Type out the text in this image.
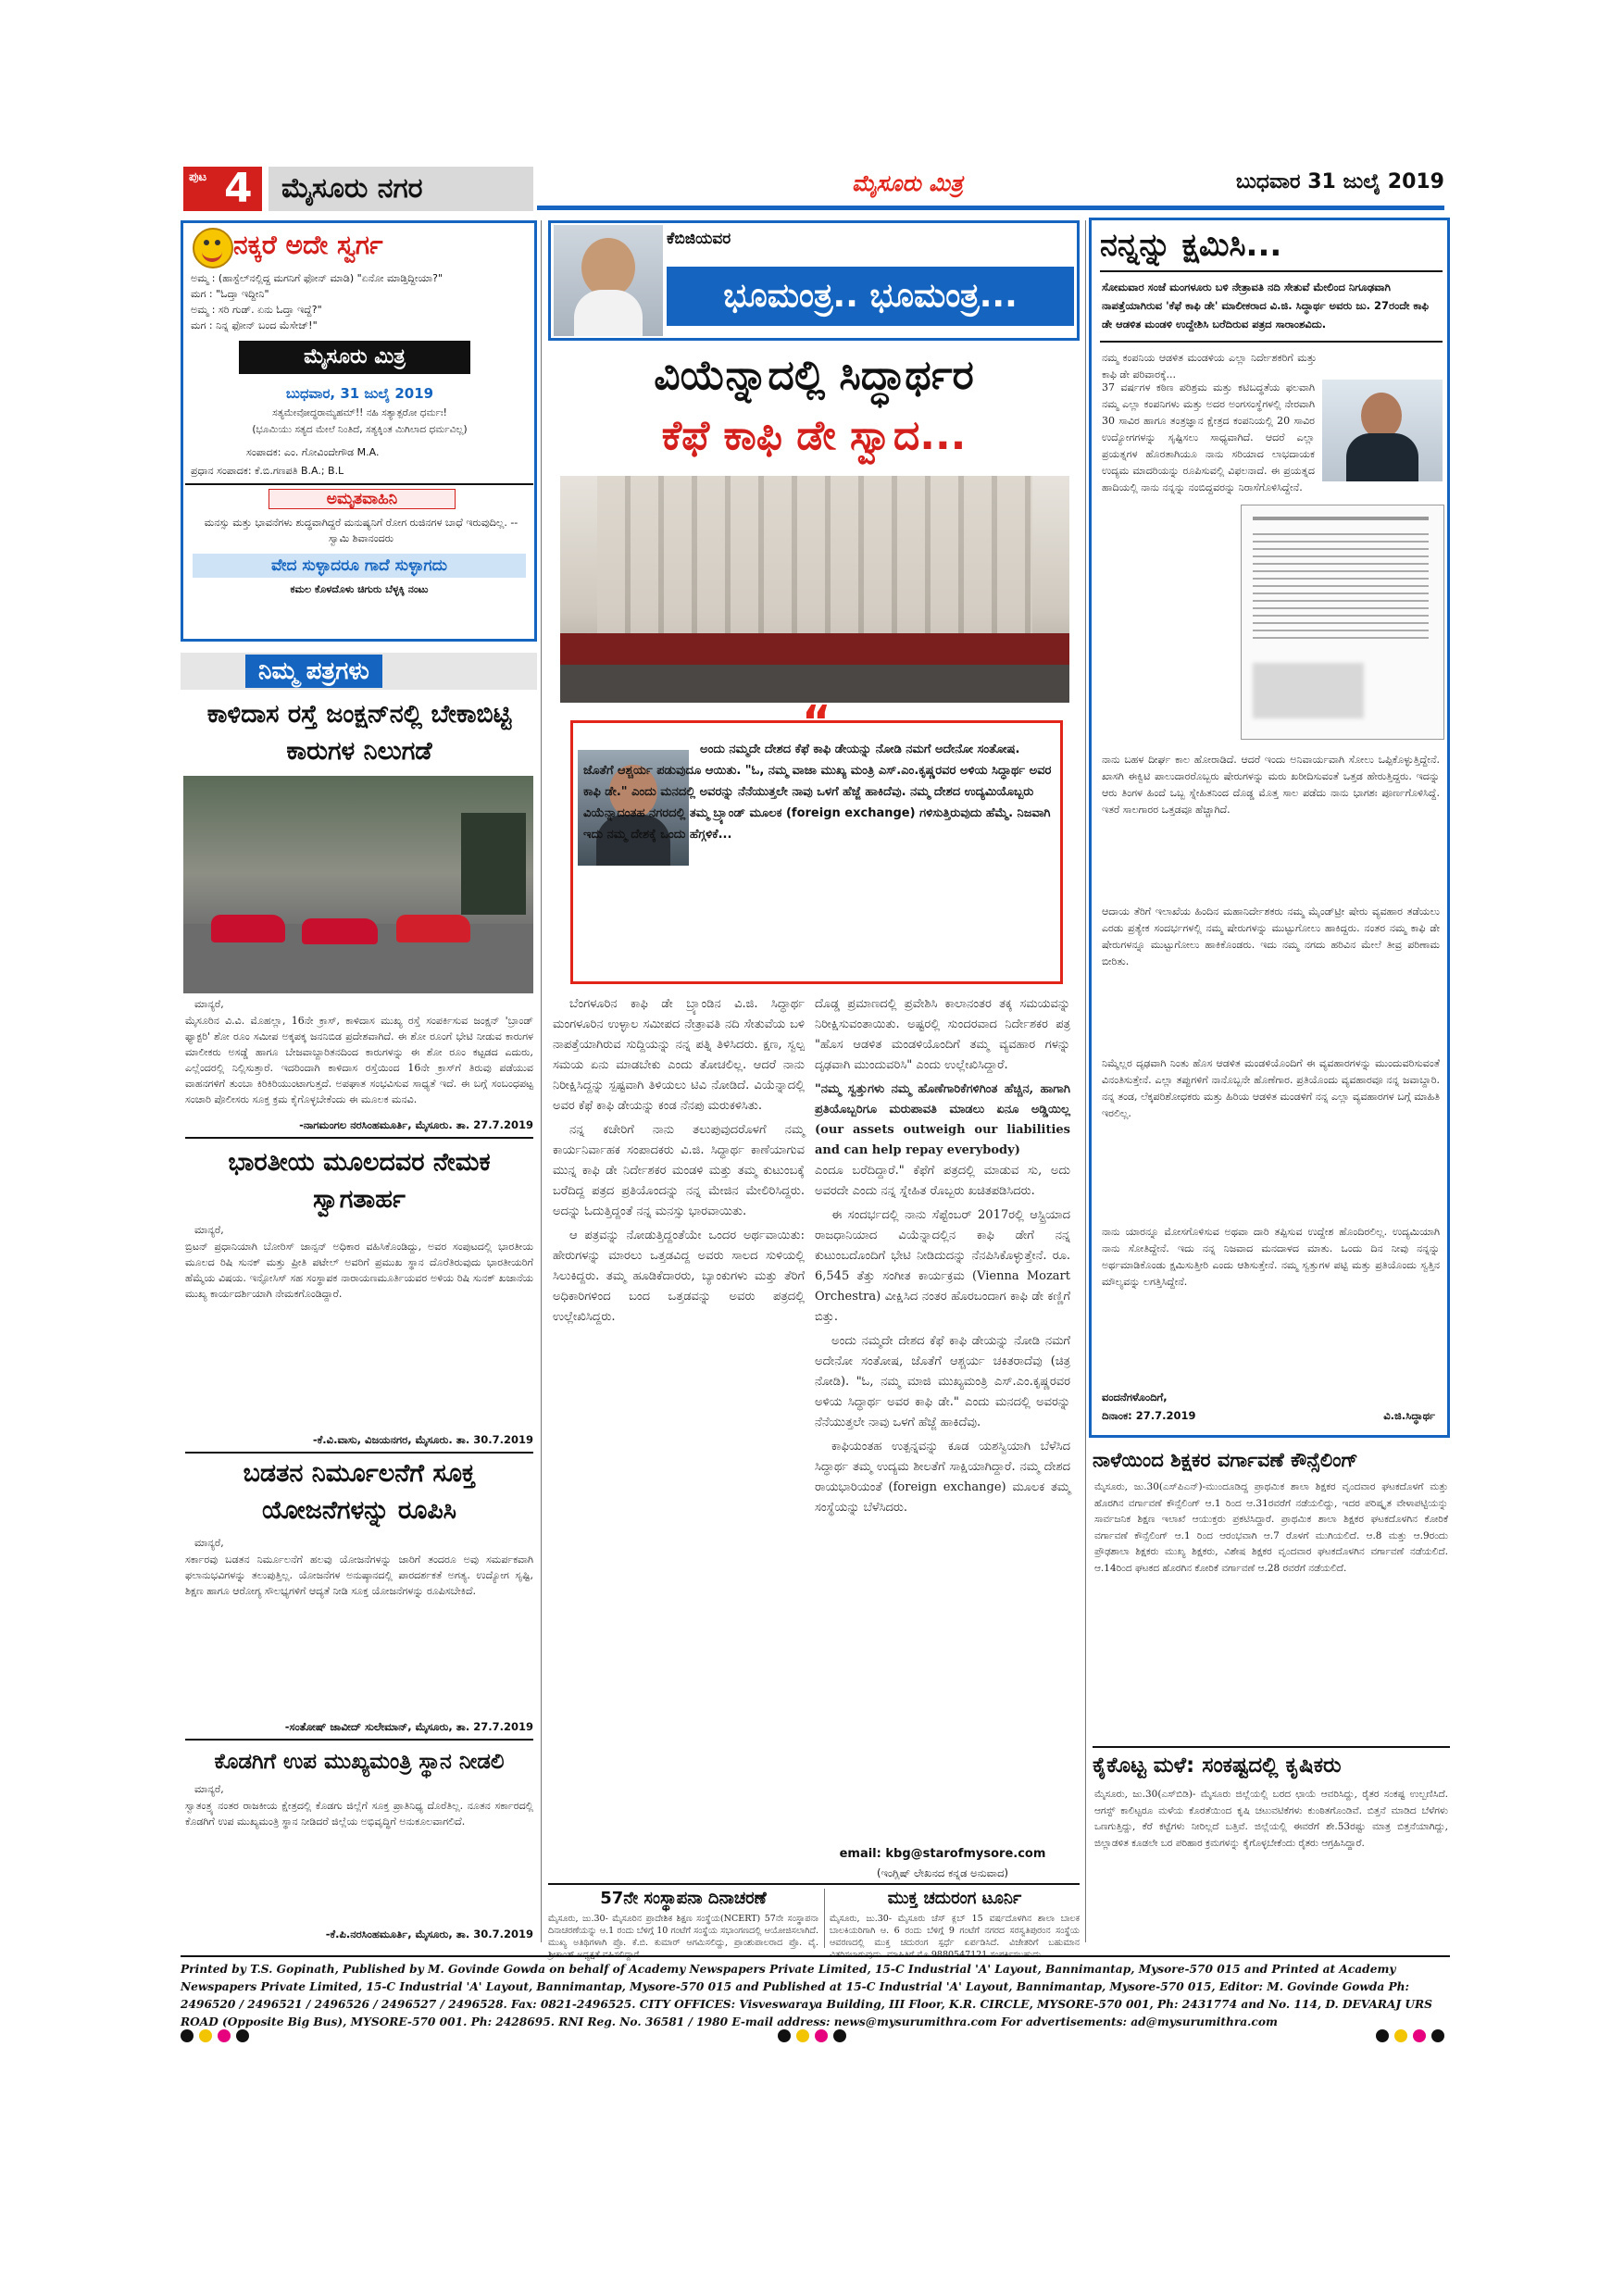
ಪುಟ 4	ಮೈಸೂರು ನಗರ	ಮೈಸೂರು ಮಿತ್ರ	ಬುಧವಾರ 31 ಜುಲೈ 2019
ನಕ್ಕರೆ ಅದೇ ಸ್ವರ್ಗ
ಅಮ್ಮ : (ಹಾಸ್ಟೆಲ್‌ನಲ್ಲಿದ್ದ ಮಗನಿಗೆ ಫೋನ್ ಮಾಡಿ) "ಏನೋ ಮಾಡ್ತಿದ್ದೀಯಾ?"
ಮಗ : "ಓದ್ತಾ ಇದ್ದೀನಿ"
ಅಮ್ಮ : ಸರಿ ಗುಡ್. ಏನು ಓದ್ತಾ ಇದ್ದೆ?"
ಮಗ : ನಿನ್ನ ಫೋನ್ ಬಂದ ಮೆಸೇಜ್!"
ಮೈಸೂರು ಮಿತ್ರ
ಬುಧವಾರ, 31 ಜುಲೈ 2019
ಸತ್ಯಮೇವೋದ್ಧರಾಮ್ಯಹಮ್!! ನಹಿ ಸತ್ಯಾತ್ಪರೋ ಧರ್ಮಃ!
(ಭೂಮಿಯು ಸತ್ಯದ ಮೇಲೆ ನಿಂತಿದೆ, ಸತ್ಯಕ್ಕಿಂತ ಮಿಗಿಲಾದ ಧರ್ಮವಿಲ್ಲ)
ಸಂಪಾದಕ: ಎಂ. ಗೋವಿಂದೇಗೌಡ M.A.
ಪ್ರಧಾನ ಸಂಪಾದಕ: ಕೆ.ಬಿ.ಗಣಪತಿ B.A.; B.L
ಅಮೃತವಾಹಿನಿ
ಮನಸ್ಸು ಮತ್ತು ಭಾವನೆಗಳು ಶುದ್ಧವಾಗಿದ್ದರೆ ಮನುಷ್ಯನಿಗೆ ರೋಗ ರುಜಿನಗಳ ಬಾಧೆ ಇರುವುದಿಲ್ಲ. --ಸ್ವಾಮಿ ಶಿವಾನಂದರು
ವೇದ ಸುಳ್ಳಾದರೂ ಗಾದೆ ಸುಳ್ಳಾಗದು
ಕಮಲ ಕೊಳದೊಳು ಚಿಗುರು ಬೆಳ್ಳಕ್ಕಿ ನಂಟು
ನಿಮ್ಮ ಪತ್ರಗಳು
ಕಾಳಿದಾಸ ರಸ್ತೆ ಜಂಕ್ಷನ್‌ನಲ್ಲಿ ಬೇಕಾಬಿಟ್ಟಿ ಕಾರುಗಳ ನಿಲುಗಡೆ
ಮಾನ್ಯರೆ,
ಮೈಸೂರಿನ ವಿ.ವಿ. ಮೊಹಲ್ಲಾ, 16ನೇ ಕ್ರಾಸ್, ಕಾಳಿದಾಸ ಮುಖ್ಯ ರಸ್ತೆ ಸಂಪರ್ಕಿಸುವ ಜಂಕ್ಷನ್ 'ಬ್ರಾಂಡ್ ಫ್ಯಾಕ್ಟರಿ' ಶೋ ರೂಂ ಸಮೀಪ ಅಕ್ಕಪಕ್ಕ ಜನನಿಬಿಡ ಪ್ರದೇಶವಾಗಿದೆ. ಈ ಶೋ ರೂಂಗೆ ಭೇಟಿ ನೀಡುವ ಕಾರುಗಳ ಮಾಲೀಕರು ಅಸಡ್ಡೆ ಹಾಗೂ ಬೇಜವಾಬ್ದಾರಿತನದಿಂದ ಕಾರುಗಳನ್ನು ಈ ಶೋ ರೂಂ ಕಟ್ಟಡದ ಎದುರು, ಎಲ್ಲೆಂದರಲ್ಲಿ ನಿಲ್ಲಿಸುತ್ತಾರೆ. ಇದರಿಂದಾಗಿ ಕಾಳಿದಾಸ ರಸ್ತೆಯಿಂದ 16ನೇ ಕ್ರಾಸ್‌ಗೆ ತಿರುವು ಪಡೆಯುವ ವಾಹನಗಳಿಗೆ ತುಂಬಾ ಕಿರಿಕಿರಿಯುಂಟಾಗುತ್ತದೆ. ಅಪಘಾತ ಸಂಭವಿಸುವ ಸಾಧ್ಯತೆ ಇದೆ. ಈ ಬಗ್ಗೆ ಸಂಬಂಧಪಟ್ಟ ಸಂಚಾರಿ ಪೊಲೀಸರು ಸೂಕ್ತ ಕ್ರಮ ಕೈಗೊಳ್ಳಬೇಕೆಂದು ಈ ಮೂಲಕ ಮನವಿ.
-ನಾಗಮಂಗಲ ನರಸಿಂಹಮೂರ್ತಿ, ಮೈಸೂರು. ತಾ. 27.7.2019
ಭಾರತೀಯ ಮೂಲದವರ ನೇಮಕ ಸ್ವಾಗತಾರ್ಹ
ಮಾನ್ಯರೆ,
ಬ್ರಿಟನ್ ಪ್ರಧಾನಿಯಾಗಿ ಬೋರಿಸ್ ಜಾನ್ಸನ್ ಅಧಿಕಾರ ವಹಿಸಿಕೊಂಡಿದ್ದು, ಅವರ ಸಂಪುಟದಲ್ಲಿ ಭಾರತೀಯ ಮೂಲದ ರಿಷಿ ಸುನಕ್ ಮತ್ತು ಪ್ರೀತಿ ಪಟೇಲ್ ಅವರಿಗೆ ಪ್ರಮುಖ ಸ್ಥಾನ ದೊರೆತಿರುವುದು ಭಾರತೀಯರಿಗೆ ಹೆಮ್ಮೆಯ ವಿಷಯ. ಇನ್ಫೋಸಿಸ್ ಸಹ ಸಂಸ್ಥಾಪಕ ನಾರಾಯಣಮೂರ್ತಿಯವರ ಅಳಿಯ ರಿಷಿ ಸುನಕ್ ಖಜಾನೆಯ ಮುಖ್ಯ ಕಾರ್ಯದರ್ಶಿಯಾಗಿ ನೇಮಕಗೊಂಡಿದ್ದಾರೆ.
-ಕೆ.ವಿ.ವಾಸು, ವಿಜಯನಗರ, ಮೈಸೂರು. ತಾ. 30.7.2019
ಬಡತನ ನಿರ್ಮೂಲನೆಗೆ ಸೂಕ್ತ ಯೋಜನೆಗಳನ್ನು ರೂಪಿಸಿ
ಮಾನ್ಯರೆ,
ಸರ್ಕಾರವು ಬಡತನ ನಿರ್ಮೂಲನೆಗೆ ಹಲವು ಯೋಜನೆಗಳನ್ನು ಜಾರಿಗೆ ತಂದರೂ ಅವು ಸಮರ್ಪಕವಾಗಿ ಫಲಾನುಭವಿಗಳನ್ನು ತಲುಪುತ್ತಿಲ್ಲ. ಯೋಜನೆಗಳ ಅನುಷ್ಠಾನದಲ್ಲಿ ಪಾರದರ್ಶಕತೆ ಅಗತ್ಯ. ಉದ್ಯೋಗ ಸೃಷ್ಟಿ, ಶಿಕ್ಷಣ ಹಾಗೂ ಆರೋಗ್ಯ ಸೌಲಭ್ಯಗಳಿಗೆ ಆದ್ಯತೆ ನೀಡಿ ಸೂಕ್ತ ಯೋಜನೆಗಳನ್ನು ರೂಪಿಸಬೇಕಿದೆ.
-ಸಂತೋಷ್ ಜಾವೀದ್ ಸುಲೇಮಾನ್, ಮೈಸೂರು, ತಾ. 27.7.2019
ಕೊಡಗಿಗೆ ಉಪ ಮುಖ್ಯಮಂತ್ರಿ ಸ್ಥಾನ ನೀಡಲಿ
ಮಾನ್ಯರೆ,
ಸ್ವಾತಂತ್ರ್ಯ ನಂತರ ರಾಜಕೀಯ ಕ್ಷೇತ್ರದಲ್ಲಿ ಕೊಡಗು ಜಿಲ್ಲೆಗೆ ಸೂಕ್ತ ಪ್ರಾತಿನಿಧ್ಯ ದೊರೆತಿಲ್ಲ. ನೂತನ ಸರ್ಕಾರದಲ್ಲಿ ಕೊಡಗಿಗೆ ಉಪ ಮುಖ್ಯಮಂತ್ರಿ ಸ್ಥಾನ ನೀಡಿದರೆ ಜಿಲ್ಲೆಯ ಅಭಿವೃದ್ಧಿಗೆ ಅನುಕೂಲವಾಗಲಿದೆ.
-ಕೆ.ಪಿ.ನರಸಿಂಹಮೂರ್ತಿ, ಮೈಸೂರು, ತಾ. 30.7.2019
ಕೆಬಿಜಿಯವರ
ಭೂಮಂತ್ರ.. ಭೂಮಂತ್ರ...
ವಿಯೆನ್ನಾದಲ್ಲಿ ಸಿದ್ಧಾರ್ಥರ
ಕೆಫೆ ಕಾಫಿ ಡೇ ಸ್ವಾದ...
“
ಅಂದು ನಮ್ಮದೇ ದೇಶದ ಕೆಫೆ ಕಾಫಿ ಡೇಯನ್ನು ನೋಡಿ ನಮಗೆ ಅದೇನೋ ಸಂತೋಷ. ಜೊತೆಗೆ ಆಶ್ಚರ್ಯ ಪಡುವುದೂ ಆಯಿತು. "ಓ, ನಮ್ಮ ವಾಜಾ ಮುಖ್ಯ ಮಂತ್ರಿ ಎಸ್.ಎಂ.ಕೃಷ್ಣರವರ ಅಳಿಯ ಸಿದ್ಧಾರ್ಥ ಅವರ ಕಾಫಿ ಡೇ." ಎಂದು ಮನದಲ್ಲಿ ಅವರನ್ನು ನೆನೆಯುತ್ತಲೇ ನಾವು ಒಳಗೆ ಹೆಜ್ಜೆ ಹಾಕಿದೆವು. ನಮ್ಮ ದೇಶದ ಉದ್ಯಮಿಯೊಬ್ಬರು ವಿಯೆನ್ನಾದಂತಹ ನಗರದಲ್ಲಿ ತಮ್ಮ ಬ್ರ್ಯಾಂಡ್ ಮೂಲಕ (foreign exchange) ಗಳಿಸುತ್ತಿರುವುದು ಹೆಮ್ಮೆ. ನಿಜವಾಗಿ ಇದು ನಮ್ಮ ದೇಶಕ್ಕೆ ಒಂದು ಹೆಗ್ಗಳಿಕೆ...
ಬೆಂಗಳೂರಿನ ಕಾಫಿ ಡೇ ಬ್ರ್ಯಾಂಡಿನ ವಿ.ಜಿ. ಸಿದ್ಧಾರ್ಥ ಮಂಗಳೂರಿನ ಉಳ್ಳಾಲ ಸಮೀಪದ ನೇತ್ರಾವತಿ ನದಿ ಸೇತುವೆಯ ಬಳಿ ನಾಪತ್ತೆಯಾಗಿರುವ ಸುದ್ದಿಯನ್ನು ನನ್ನ ಪತ್ನಿ ತಿಳಿಸಿದರು. ಕ್ಷಣ, ಸ್ವಲ್ಪ ಸಮಯ ಏನು ಮಾಡಬೇಕು ಎಂದು ತೋಚಲಿಲ್ಲ. ಆದರೆ ನಾನು ನಿರೀಕ್ಷಿಸಿದ್ದನ್ನು ಸ್ಪಷ್ಟವಾಗಿ ತಿಳಿಯಲು ಟಿವಿ ನೋಡಿದೆ. ವಿಯೆನ್ನಾದಲ್ಲಿ ಅವರ ಕೆಫೆ ಕಾಫಿ ಡೇಯನ್ನು ಕಂಡ ನೆನಪು ಮರುಕಳಿಸಿತು.
ನನ್ನ ಕಚೇರಿಗೆ ನಾನು ತಲುಪುವುದರೊಳಗೆ ನಮ್ಮ ಕಾರ್ಯನಿರ್ವಾಹಕ ಸಂಪಾದಕರು ವಿ.ಜಿ. ಸಿದ್ಧಾರ್ಥ ಕಾಣೆಯಾಗುವ ಮುನ್ನ ಕಾಫಿ ಡೇ ನಿರ್ದೇಶಕರ ಮಂಡಳಿ ಮತ್ತು ತಮ್ಮ ಕುಟುಂಬಕ್ಕೆ ಬರೆದಿದ್ದ ಪತ್ರದ ಪ್ರತಿಯೊಂದನ್ನು ನನ್ನ ಮೇಜಿನ ಮೇಲಿರಿಸಿದ್ದರು. ಅದನ್ನು ಓದುತ್ತಿದ್ದಂತೆ ನನ್ನ ಮನಸ್ಸು ಭಾರವಾಯಿತು.
ಆ ಪತ್ರವನ್ನು ನೋಡುತ್ತಿದ್ದಂತೆಯೇ ಒಂದರ ಅರ್ಥವಾಯಿತು: ಹೇರುಗಳನ್ನು ಮಾರಲು ಒತ್ತಡವಿದ್ದ ಅವರು ಸಾಲದ ಸುಳಿಯಲ್ಲಿ ಸಿಲುಕಿದ್ದರು. ತಮ್ಮ ಹೂಡಿಕೆದಾರರು, ಬ್ಯಾಂಕುಗಳು ಮತ್ತು ತೆರಿಗೆ ಅಧಿಕಾರಿಗಳಿಂದ ಬಂದ ಒತ್ತಡವನ್ನು ಅವರು ಪತ್ರದಲ್ಲಿ ಉಲ್ಲೇಖಿಸಿದ್ದರು.
ದೊಡ್ಡ ಪ್ರಮಾಣದಲ್ಲಿ ಪ್ರವೇಶಿಸಿ ಕಾಲಾನಂತರ ತಕ್ಕ ಸಮಯವನ್ನು ನಿರೀಕ್ಷಿಸುವಂತಾಯಿತು. ಅಷ್ಟರಲ್ಲಿ ಸುಂದರವಾದ ನಿರ್ದೇಶಕರ ಪತ್ರ "ಹೊಸ ಆಡಳಿತ ಮಂಡಳಿಯೊಂದಿಗೆ ತಮ್ಮ ವ್ಯವಹಾರ ಗಳನ್ನು ದೃಢವಾಗಿ ಮುಂದುವರಿಸಿ" ಎಂದು ಉಲ್ಲೇಖಿಸಿದ್ದಾರೆ.
"ನಮ್ಮ ಸ್ವತ್ತುಗಳು ನಮ್ಮ ಹೊಣೆಗಾರಿಕೆಗಳಿಗಿಂತ ಹೆಚ್ಚಿನ, ಹಾಗಾಗಿ ಪ್ರತಿಯೊಬ್ಬರಿಗೂ ಮರುಪಾವತಿ ಮಾಡಲು ಏನೂ ಅಡ್ಡಿಯಿಲ್ಲ (our assets outweigh our liabilities and can help repay everybody)
ಎಂದೂ ಬರೆದಿದ್ದಾರೆ." ಕೆಫೆಗೆ ಪತ್ರದಲ್ಲಿ ಮಾಡುವ ಸು, ಅದು ಅವರದೇ ಎಂದು ನನ್ನ ಸ್ನೇಹಿತ ರೊಬ್ಬರು ಖಚಿತಪಡಿಸಿದರು.
ಈ ಸಂದರ್ಭದಲ್ಲಿ ನಾನು ಸೆಪ್ಟೆಂಬರ್ 2017ರಲ್ಲಿ ಆಸ್ಟ್ರಿಯಾದ ರಾಜಧಾನಿಯಾದ ವಿಯೆನ್ನಾದಲ್ಲಿನ ಕಾಫಿ ಡೇಗೆ ನನ್ನ ಕುಟುಂಬದೊಂದಿಗೆ ಭೇಟಿ ನೀಡಿದುದನ್ನು ನೆನಪಿಸಿಕೊಳ್ಳುತ್ತೇನೆ. ರೂ. 6,545 ತೆತ್ತು ಸಂಗೀತ ಕಾರ್ಯಕ್ರಮ (Vienna Mozart Orchestra) ವೀಕ್ಷಿಸಿದ ನಂತರ ಹೊರಬಂದಾಗ ಕಾಫಿ ಡೇ ಕಣ್ಣಿಗೆ ಬಿತ್ತು.
ಅಂದು ನಮ್ಮದೇ ದೇಶದ ಕೆಫೆ ಕಾಫಿ ಡೇಯನ್ನು ನೋಡಿ ನಮಗೆ ಅದೇನೋ ಸಂತೋಷ, ಜೊತೆಗೆ ಆಶ್ಚರ್ಯ ಚಕಿತರಾದೆವು (ಚಿತ್ರ ನೋಡಿ). "ಓ, ನಮ್ಮ ಮಾಜಿ ಮುಖ್ಯಮಂತ್ರಿ ಎಸ್.ಎಂ.ಕೃಷ್ಣರವರ ಅಳಿಯ ಸಿದ್ಧಾರ್ಥ ಅವರ ಕಾಫಿ ಡೇ." ಎಂದು ಮನದಲ್ಲಿ ಅವರನ್ನು ನೆನೆಯುತ್ತಲೇ ನಾವು ಒಳಗೆ ಹೆಜ್ಜೆ ಹಾಕಿದೆವು.
ಕಾಫಿಯಂತಹ ಉತ್ಪನ್ನವನ್ನು ಕೂಡ ಯಶಸ್ವಿಯಾಗಿ ಬೆಳೆಸಿದ ಸಿದ್ಧಾರ್ಥ ತಮ್ಮ ಉದ್ಯಮ ಶೀಲತೆಗೆ ಸಾಕ್ಷಿಯಾಗಿದ್ದಾರೆ. ನಮ್ಮ ದೇಶದ ರಾಯಭಾರಿಯಂತೆ (foreign exchange) ಮೂಲಕ ತಮ್ಮ ಸಂಸ್ಥೆಯನ್ನು ಬೆಳೆಸಿದರು.
email: kbg@starofmysore.com
(ಇಂಗ್ಲಿಷ್ ಲೇಖನದ ಕನ್ನಡ ಅನುವಾದ)
57ನೇ ಸಂಸ್ಥಾಪನಾ ದಿನಾಚರಣೆ
ಮೈಸೂರು, ಜು.30- ಮೈಸೂರಿನ ಪ್ರಾದೇಶಿಕ ಶಿಕ್ಷಣ ಸಂಸ್ಥೆಯ(NCERT) 57ನೇ ಸಂಸ್ಥಾಪನಾ ದಿನಾಚರಣೆಯನ್ನು ಆ.1 ರಂದು ಬೆಳಿಗ್ಗೆ 10 ಗಂಟೆಗೆ ಸಂಸ್ಥೆಯ ಸಭಾಂಗಣದಲ್ಲಿ ಆಯೋಜಿಸಲಾಗಿದೆ. ಮುಖ್ಯ ಅತಿಥಿಗಳಾಗಿ ಪ್ರೊ. ಕೆ.ಬಿ. ಕುಮಾರ್ ಆಗಮಿಸಲಿದ್ದು, ಪ್ರಾಂಶುಪಾಲರಾದ ಪ್ರೊ. ವೈ.
ಮುಕ್ತ ಚದುರಂಗ ಟೂರ್ನಿ
ಮೈಸೂರು, ಜು.30- ಮೈಸೂರು ಚೆಸ್ ಕ್ಲಬ್ 15 ವರ್ಷದೊಳಗಿನ ಶಾಲಾ ಬಾಲಕ ಬಾಲಕಿಯರಿಗಾಗಿ ಆ. 6 ರಂದು ಬೆಳಿಗ್ಗೆ 9 ಗಂಟೆಗೆ ನಗರದ ಸರಸ್ವತಿಪುರಂನ ಸಂಸ್ಥೆಯ ಆವರಣದಲ್ಲಿ ಮುಕ್ತ ಚದುರಂಗ ಸ್ಪರ್ಧೆ ಏರ್ಪಡಿಸಿದೆ. ವಿಜೇತರಿಗೆ ಬಹುಮಾನ
ನನ್ನನ್ನು ಕ್ಷಮಿಸಿ...
ಸೋಮವಾರ ಸಂಜೆ ಮಂಗಳೂರು ಬಳಿ ನೇತ್ರಾವತಿ ನದಿ ಸೇತುವೆ ಮೇಲಿಂದ ನಿಗೂಢವಾಗಿ ನಾಪತ್ತೆಯಾಗಿರುವ 'ಕೆಫೆ ಕಾಫಿ ಡೇ' ಮಾಲೀಕರಾದ ವಿ.ಜಿ. ಸಿದ್ಧಾರ್ಥ ಅವರು ಜು. 27ರಂದೇ ಕಾಫಿ ಡೇ ಆಡಳಿತ ಮಂಡಳಿ ಉದ್ದೇಶಿಸಿ ಬರೆದಿರುವ ಪತ್ರದ ಸಾರಾಂಶವಿದು.
ನಮ್ಮ ಕಂಪನಿಯ ಆಡಳಿತ ಮಂಡಳಿಯ ಎಲ್ಲಾ ನಿರ್ದೇಶಕರಿಗೆ ಮತ್ತು ಕಾಫಿ ಡೇ ಪರಿವಾರಕ್ಕೆ...
37 ವರ್ಷಗಳ ಕಠಿಣ ಪರಿಶ್ರಮ ಮತ್ತು ಕಟಿಬದ್ಧತೆಯ ಫಲವಾಗಿ ನಮ್ಮ ಎಲ್ಲಾ ಕಂಪನಿಗಳು ಮತ್ತು ಅದರ ಅಂಗಸಂಸ್ಥೆಗಳಲ್ಲಿ ನೇರವಾಗಿ 30 ಸಾವಿರ ಹಾಗೂ ತಂತ್ರಜ್ಞಾನ ಕ್ಷೇತ್ರದ ಕಂಪನಿಯಲ್ಲಿ 20 ಸಾವಿರ ಉದ್ಯೋಗಗಳನ್ನು ಸೃಷ್ಟಿಸಲು ಸಾಧ್ಯವಾಗಿದೆ. ಆದರೆ ಎಲ್ಲಾ ಪ್ರಯತ್ನಗಳ ಹೊರತಾಗಿಯೂ ನಾನು ಸರಿಯಾದ ಲಾಭದಾಯಕ ಉದ್ಯಮ ಮಾದರಿಯನ್ನು ರೂಪಿಸುವಲ್ಲಿ ವಿಫಲನಾದೆ. ಈ ಪ್ರಯತ್ನದ ಹಾದಿಯಲ್ಲಿ ನಾನು ನನ್ನನ್ನು ನಂಬಿದ್ದವರನ್ನು ನಿರಾಸೆಗೊಳಿಸಿದ್ದೇನೆ.
ನಾನು ಬಹಳ ದೀರ್ಘ ಕಾಲ ಹೋರಾಡಿದೆ. ಆದರೆ ಇಂದು ಅನಿವಾರ್ಯವಾಗಿ ಸೋಲು ಒಪ್ಪಿಕೊಳ್ಳುತ್ತಿದ್ದೇನೆ. ಖಾಸಗಿ ಈಕ್ವಿಟಿ ಪಾಲುದಾರರೊಬ್ಬರು ಷೇರುಗಳನ್ನು ಮರು ಖರೀದಿಸುವಂತೆ ಒತ್ತಡ ಹೇರುತ್ತಿದ್ದರು. ಇದನ್ನು ಆರು ತಿಂಗಳ ಹಿಂದೆ ಒಬ್ಬ ಸ್ನೇಹಿತನಿಂದ ದೊಡ್ಡ ಮೊತ್ತ ಸಾಲ ಪಡೆದು ನಾನು ಭಾಗಶಃ ಪೂರ್ಣಗೊಳಿಸಿದ್ದೆ. ಇತರೆ ಸಾಲಗಾರರ ಒತ್ತಡವೂ ಹೆಚ್ಚಾಗಿದೆ.
ಆದಾಯ ತೆರಿಗೆ ಇಲಾಖೆಯ ಹಿಂದಿನ ಮಹಾನಿರ್ದೇಶಕರು ನಮ್ಮ ಮೈಂಡ್‌ಟ್ರೀ ಷೇರು ವ್ಯವಹಾರ ತಡೆಯಲು ಎರಡು ಪ್ರತ್ಯೇಕ ಸಂದರ್ಭಗಳಲ್ಲಿ ನಮ್ಮ ಷೇರುಗಳನ್ನು ಮುಟ್ಟುಗೋಲು ಹಾಕಿದ್ದರು. ನಂತರ ನಮ್ಮ ಕಾಫಿ ಡೇ ಷೇರುಗಳನ್ನೂ ಮುಟ್ಟುಗೋಲು ಹಾಕಿಕೊಂಡರು. ಇದು ನಮ್ಮ ನಗದು ಹರಿವಿನ ಮೇಲೆ ತೀವ್ರ ಪರಿಣಾಮ ಬೀರಿತು.
ನಿಮ್ಮೆಲ್ಲರ ದೃಢವಾಗಿ ನಿಂತು ಹೊಸ ಆಡಳಿತ ಮಂಡಳಿಯೊಂದಿಗೆ ಈ ವ್ಯವಹಾರಗಳನ್ನು ಮುಂದುವರಿಸುವಂತೆ ವಿನಂತಿಸುತ್ತೇನೆ. ಎಲ್ಲಾ ತಪ್ಪುಗಳಿಗೆ ನಾನೊಬ್ಬನೇ ಹೊಣೆಗಾರ. ಪ್ರತಿಯೊಂದು ವ್ಯವಹಾರವೂ ನನ್ನ ಜವಾಬ್ದಾರಿ. ನನ್ನ ತಂಡ, ಲೆಕ್ಕಪರಿಶೋಧಕರು ಮತ್ತು ಹಿರಿಯ ಆಡಳಿತ ಮಂಡಳಿಗೆ ನನ್ನ ಎಲ್ಲಾ ವ್ಯವಹಾರಗಳ ಬಗ್ಗೆ ಮಾಹಿತಿ ಇರಲಿಲ್ಲ.
ನಾನು ಯಾರನ್ನೂ ಮೋಸಗೊಳಿಸುವ ಅಥವಾ ದಾರಿ ತಪ್ಪಿಸುವ ಉದ್ದೇಶ ಹೊಂದಿರಲಿಲ್ಲ. ಉದ್ಯಮಿಯಾಗಿ ನಾನು ಸೋತಿದ್ದೇನೆ. ಇದು ನನ್ನ ನಿಜವಾದ ಮನದಾಳದ ಮಾತು. ಒಂದು ದಿನ ನೀವು ನನ್ನನ್ನು ಅರ್ಥಮಾಡಿಕೊಂಡು ಕ್ಷಮಿಸುತ್ತೀರಿ ಎಂದು ಆಶಿಸುತ್ತೇನೆ. ನಮ್ಮ ಸ್ವತ್ತುಗಳ ಪಟ್ಟಿ ಮತ್ತು ಪ್ರತಿಯೊಂದು ಸ್ವತ್ತಿನ ಮೌಲ್ಯವನ್ನು ಲಗತ್ತಿಸಿದ್ದೇನೆ.
ವಂದನೆಗಳೊಂದಿಗೆ,
ದಿನಾಂಕ: 27.7.2019	ವಿ.ಜಿ.ಸಿದ್ಧಾರ್ಥ
ನಾಳೆಯಿಂದ ಶಿಕ್ಷಕರ ವರ್ಗಾವಣೆ ಕೌನ್ಸೆಲಿಂಗ್
ಮೈಸೂರು, ಜು.30(ಎಸ್‌ಪಿಎನ್)-ಮುಂದೂಡಿದ್ದ ಪ್ರಾಥಮಿಕ ಶಾಲಾ ಶಿಕ್ಷಕರ ವೃಂದವಾರ ಘಟಕದೊಳಗೆ ಮತ್ತು ಹೊರಗಿನ ವರ್ಗಾವಣೆ ಕೌನ್ಸೆಲಿಂಗ್ ಆ.1 ರಿಂದ ಆ.31ರವರೆಗೆ ನಡೆಯಲಿದ್ದು, ಇದರ ಪರಿಷ್ಕೃತ ವೇಳಾಪಟ್ಟಿಯನ್ನು ಸಾರ್ವಜನಿಕ ಶಿಕ್ಷಣ ಇಲಾಖೆ ಆಯುಕ್ತರು ಪ್ರಕಟಿಸಿದ್ದಾರೆ. ಪ್ರಾಥಮಿಕ ಶಾಲಾ ಶಿಕ್ಷಕರ ಘಟಕದೊಳಗಿನ ಕೋರಿಕೆ ವರ್ಗಾವಣೆ ಕೌನ್ಸೆಲಿಂಗ್ ಆ.1 ರಿಂದ ಆರಂಭವಾಗಿ ಆ.7 ರೊಳಗೆ ಮುಗಿಯಲಿದೆ. ಆ.8 ಮತ್ತು ಆ.9ರಂದು ಪ್ರೌಢಶಾಲಾ ಶಿಕ್ಷಕರು ಮುಖ್ಯ ಶಿಕ್ಷಕರು, ವಿಶೇಷ ಶಿಕ್ಷಕರ ವೃಂದವಾರ ಘಟಕದೊಳಗಿನ ವರ್ಗಾವಣೆ ನಡೆಯಲಿದೆ. ಆ.14ರಿಂದ ಘಟಕದ ಹೊರಗಿನ ಕೋರಿಕೆ ವರ್ಗಾವಣೆ ಆ.28 ರವರೆಗೆ ನಡೆಯಲಿದೆ.
ಕೈಕೊಟ್ಟ ಮಳೆ: ಸಂಕಷ್ಟದಲ್ಲಿ ಕೃಷಿಕರು
ಮೈಸೂರು, ಜು.30(ಎಸ್‌ಬಿಡಿ)- ಮೈಸೂರು ಜಿಲ್ಲೆಯಲ್ಲಿ ಬರದ ಛಾಯೆ ಆವರಿಸಿದ್ದು, ರೈತರ ಸಂಕಷ್ಟ ಉಲ್ಬಣಿಸಿದೆ. ಆಗಸ್ಟ್ ಕಾಲಿಟ್ಟರೂ ಮಳೆಯ ಕೊರತೆಯಿಂದ ಕೃಷಿ ಚಟುವಟಿಕೆಗಳು ಕುಂಠಿತಗೊಂಡಿವೆ. ಬಿತ್ತನೆ ಮಾಡಿದ ಬೆಳೆಗಳು ಒಣಗುತ್ತಿದ್ದು, ಕೆರೆ ಕಟ್ಟೆಗಳು ನೀರಿಲ್ಲದೆ ಬತ್ತಿವೆ. ಜಿಲ್ಲೆಯಲ್ಲಿ ಈವರೆಗೆ ಶೇ.53ರಷ್ಟು ಮಾತ್ರ ಬಿತ್ತನೆಯಾಗಿದ್ದು, ಜಿಲ್ಲಾಡಳಿತ ಕೂಡಲೇ ಬರ ಪರಿಹಾರ ಕ್ರಮಗಳನ್ನು ಕೈಗೊಳ್ಳಬೇಕೆಂದು ರೈತರು ಆಗ್ರಹಿಸಿದ್ದಾರೆ.
Printed by T.S. Gopinath, Published by M. Govinde Gowda on behalf of Academy Newspapers Private Limited, 15-C Industrial 'A' Layout, Bannimantap, Mysore-570 015 and Printed at Academy Newspapers Private Limited, 15-C Industrial 'A' Layout, Bannimantap, Mysore-570 015 and Published at 15-C Industrial 'A' Layout, Bannimantap, Mysore-570 015, Editor: M. Govinde Gowda Ph: 2496520 / 2496521 / 2496526 / 2496527 / 2496528. Fax: 0821-2496525. CITY OFFICES: Visveswaraya Building, III Floor, K.R. CIRCLE, MYSORE-570 001, Ph: 2431774 and No. 114, D. DEVARAJ URS ROAD (Opposite Big Bus), MYSORE-570 001. Ph: 2428695. RNI Reg. No. 36581 / 1980 E-mail address: news@mysurumithra.com For advertisements: ad@mysurumithra.com
